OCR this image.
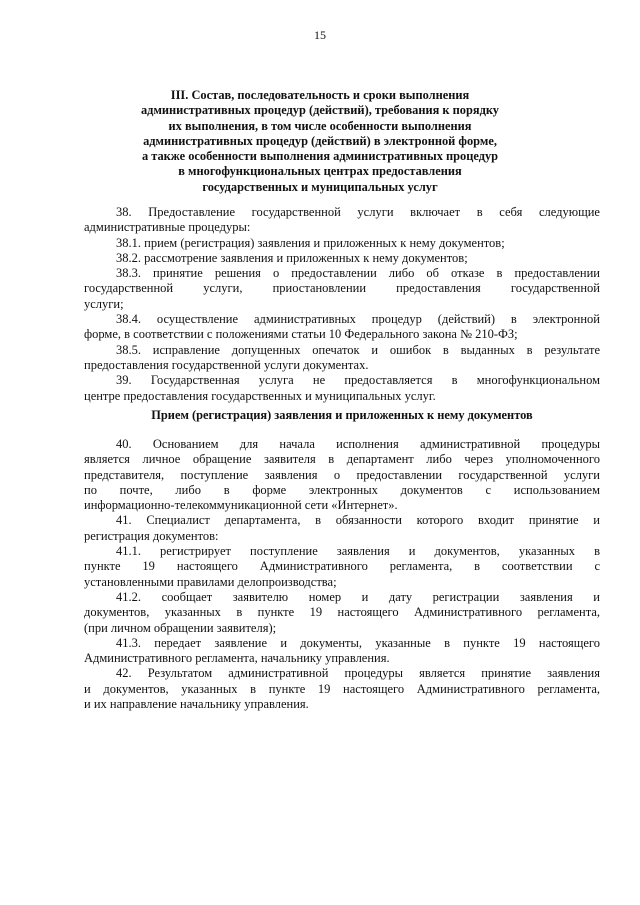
15
III. Состав, последовательность и сроки выполнения
административных процедур (действий), требования к порядку
их выполнения, в том числе особенности выполнения
административных процедур (действий) в электронной форме,
а также особенности выполнения административных процедур
в многофункциональных центрах предоставления
государственных и муниципальных услуг
38. Предоставление государственной услуги включает в себя следующие
административные процедуры:
38.1. прием (регистрация) заявления и приложенных к нему документов;
38.2. рассмотрение заявления и приложенных к нему документов;
38.3. принятие решения о предоставлении либо об отказе в предоставлении
государственной услуги, приостановлении предоставления государственной
услуги;
38.4. осуществление административных процедур (действий) в электронной
форме, в соответствии с положениями статьи 10 Федерального закона № 210-ФЗ;
38.5. исправление допущенных опечаток и ошибок в выданных в результате
предоставления государственной услуги документах.
39. Государственная услуга не предоставляется в многофункциональном
центре предоставления государственных и муниципальных услуг.
Прием (регистрация) заявления и приложенных к нему документов
40. Основанием для начала исполнения административной процедуры
является личное обращение заявителя в департамент либо через уполномоченного
представителя, поступление заявления о предоставлении государственной услуги
по почте, либо в форме электронных документов с использованием
информационно-телекоммуникационной сети «Интернет».
41. Специалист департамента, в обязанности которого входит принятие и
регистрация документов:
41.1. регистрирует поступление заявления и документов, указанных в
пункте 19 настоящего Административного регламента, в соответствии с
установленными правилами делопроизводства;
41.2. сообщает заявителю номер и дату регистрации заявления и
документов, указанных в пункте 19 настоящего Административного регламента,
(при личном обращении заявителя);
41.3. передает заявление и документы, указанные в пункте 19 настоящего
Административного регламента, начальнику управления.
42. Результатом административной процедуры является принятие заявления
и документов, указанных в пункте 19 настоящего Административного регламента,
и их направление начальнику управления.
